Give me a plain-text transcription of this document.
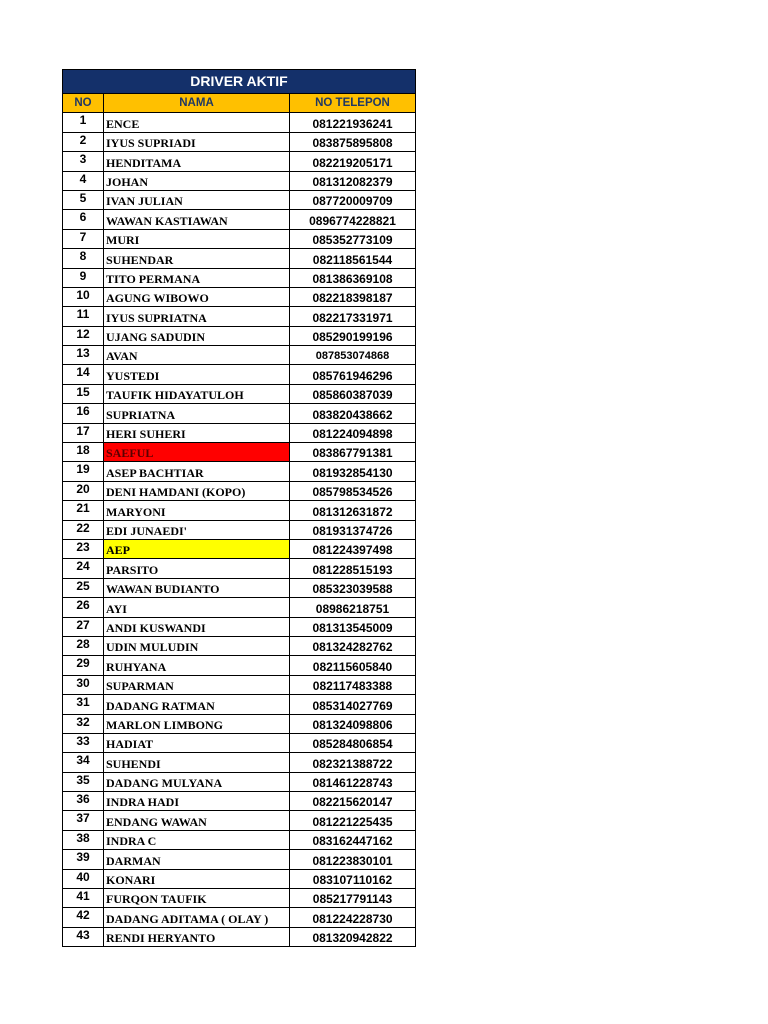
DRIVER AKTIF		
NO	NAMA	NO TELEPON
1	ENCE	081221936241
2	IYUS SUPRIADI	083875895808
3	HENDITAMA	082219205171
4	JOHAN	081312082379
5	IVAN JULIAN	087720009709
6	WAWAN KASTIAWAN	0896774228821
7	MURI	085352773109
8	SUHENDAR	082118561544
9	TITO PERMANA	081386369108
10	AGUNG WIBOWO	082218398187
11	IYUS SUPRIATNA	082217331971
12	UJANG SADUDIN	085290199196
13	AVAN	087853074868
14	YUSTEDI	085761946296
15	TAUFIK HIDAYATULOH	085860387039
16	SUPRIATNA	083820438662
17	HERI SUHERI	081224094898
18	SAEFUL	083867791381
19	ASEP BACHTIAR	081932854130
20	DENI HAMDANI (KOPO)	085798534526
21	MARYONI	081312631872
22	EDI JUNAEDI'	081931374726
23	AEP	081224397498
24	PARSITO	081228515193
25	WAWAN BUDIANTO	085323039588
26	AYI	08986218751
27	ANDI KUSWANDI	081313545009
28	UDIN MULUDIN	081324282762
29	RUHYANA	082115605840
30	SUPARMAN	082117483388
31	DADANG RATMAN	085314027769
32	MARLON LIMBONG	081324098806
33	HADIAT	085284806854
34	SUHENDI	082321388722
35	DADANG MULYANA	081461228743
36	INDRA HADI	082215620147
37	ENDANG WAWAN	081221225435
38	INDRA C	083162447162
39	DARMAN	081223830101
40	KONARI	083107110162
41	FURQON TAUFIK	085217791143
42	DADANG ADITAMA ( OLAY )	081224228730
43	RENDI HERYANTO	081320942822
